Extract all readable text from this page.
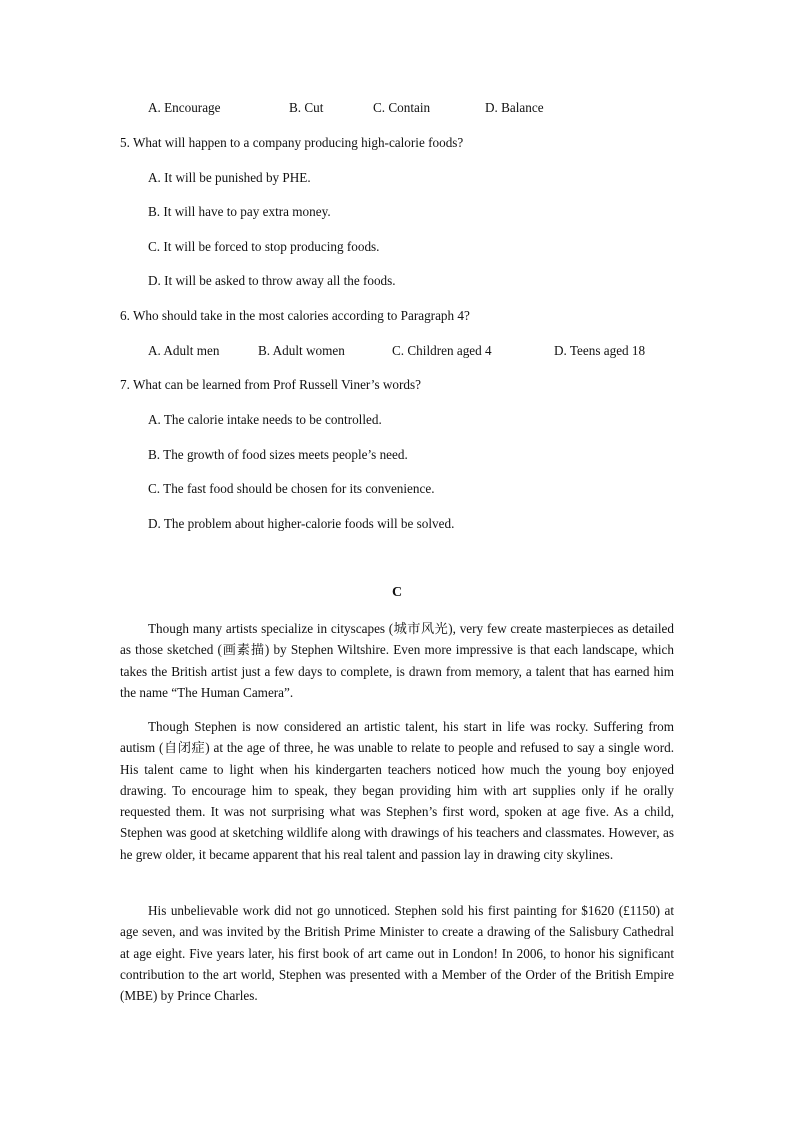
A. Encourage	B. Cut	C. Contain	D. Balance
5. What will happen to a company producing high-calorie foods?
A. It will be punished by PHE.
B. It will have to pay extra money.
C. It will be forced to stop producing foods.
D. It will be asked to throw away all the foods.
6. Who should take in the most calories according to Paragraph 4?
A. Adult men	B. Adult women	C. Children aged 4	D. Teens aged 18
7. What can be learned from Prof Russell Viner’s words?
A. The calorie intake needs to be controlled.
B. The growth of food sizes meets people’s need.
C. The fast food should be chosen for its convenience.
D. The problem about higher-calorie foods will be solved.
C

Though many artists specialize in cityscapes (城市风光), very few create masterpieces as detailed as those sketched (画素描) by Stephen Wiltshire. Even more impressive is that each landscape, which takes the British artist just a few days to complete, is drawn from memory, a talent that has earned him the name “The Human Camera”.

Though Stephen is now considered an artistic talent, his start in life was rocky. Suffering from autism (自闭症) at the age of three, he was unable to relate to people and refused to say a single word. His talent came to light when his kindergarten teachers noticed how much the young boy enjoyed drawing. To encourage him to speak, they began providing him with art supplies only if he orally requested them. It was not surprising what was Stephen’s first word, spoken at age five. As a child, Stephen was good at sketching wildlife along with drawings of his teachers and classmates. However, as he grew older, it became apparent that his real talent and passion lay in drawing city skylines.

His unbelievable work did not go unnoticed. Stephen sold his first painting for $1620 (£1150) at age seven, and was invited by the British Prime Minister to create a drawing of the Salisbury Cathedral at age eight. Five years later, his first book of art came out in London! In 2006, to honor his significant contribution to the art world, Stephen was presented with a Member of the Order of the British Empire (MBE) by Prince Charles.
